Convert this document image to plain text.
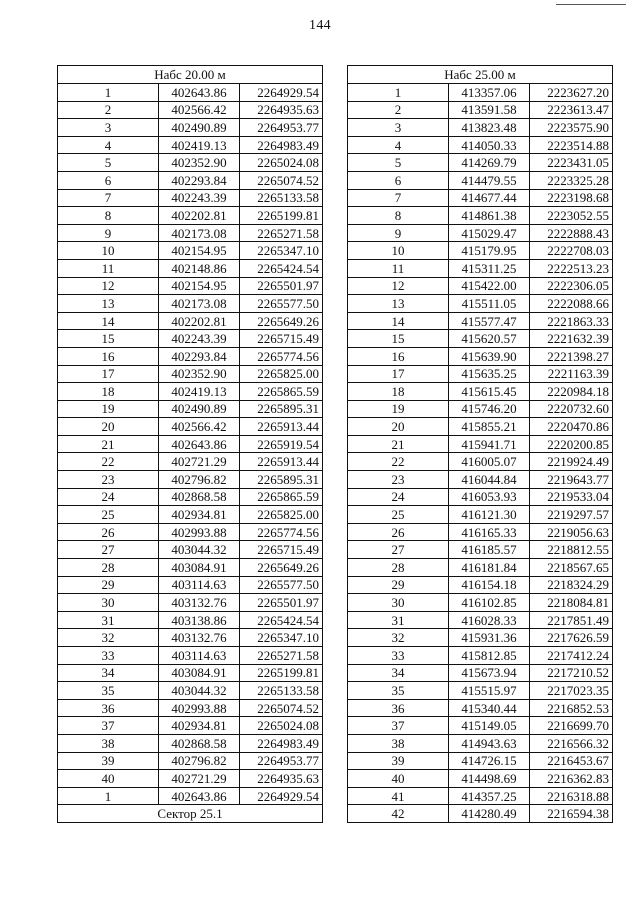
144
Набс 20.00 м		
1	402643.86	2264929.54
2	402566.42	2264935.63
3	402490.89	2264953.77
4	402419.13	2264983.49
5	402352.90	2265024.08
6	402293.84	2265074.52
7	402243.39	2265133.58
8	402202.81	2265199.81
9	402173.08	2265271.58
10	402154.95	2265347.10
11	402148.86	2265424.54
12	402154.95	2265501.97
13	402173.08	2265577.50
14	402202.81	2265649.26
15	402243.39	2265715.49
16	402293.84	2265774.56
17	402352.90	2265825.00
18	402419.13	2265865.59
19	402490.89	2265895.31
20	402566.42	2265913.44
21	402643.86	2265919.54
22	402721.29	2265913.44
23	402796.82	2265895.31
24	402868.58	2265865.59
25	402934.81	2265825.00
26	402993.88	2265774.56
27	403044.32	2265715.49
28	403084.91	2265649.26
29	403114.63	2265577.50
30	403132.76	2265501.97
31	403138.86	2265424.54
32	403132.76	2265347.10
33	403114.63	2265271.58
34	403084.91	2265199.81
35	403044.32	2265133.58
36	402993.88	2265074.52
37	402934.81	2265024.08
38	402868.58	2264983.49
39	402796.82	2264953.77
40	402721.29	2264935.63
1	402643.86	2264929.54
Сектор 25.1		
Набс 25.00 м		
1	413357.06	2223627.20
2	413591.58	2223613.47
3	413823.48	2223575.90
4	414050.33	2223514.88
5	414269.79	2223431.05
6	414479.55	2223325.28
7	414677.44	2223198.68
8	414861.38	2223052.55
9	415029.47	2222888.43
10	415179.95	2222708.03
11	415311.25	2222513.23
12	415422.00	2222306.05
13	415511.05	2222088.66
14	415577.47	2221863.33
15	415620.57	2221632.39
16	415639.90	2221398.27
17	415635.25	2221163.39
18	415615.45	2220984.18
19	415746.20	2220732.60
20	415855.21	2220470.86
21	415941.71	2220200.85
22	416005.07	2219924.49
23	416044.84	2219643.77
24	416053.93	2219533.04
25	416121.30	2219297.57
26	416165.33	2219056.63
27	416185.57	2218812.55
28	416181.84	2218567.65
29	416154.18	2218324.29
30	416102.85	2218084.81
31	416028.33	2217851.49
32	415931.36	2217626.59
33	415812.85	2217412.24
34	415673.94	2217210.52
35	415515.97	2217023.35
36	415340.44	2216852.53
37	415149.05	2216699.70
38	414943.63	2216566.32
39	414726.15	2216453.67
40	414498.69	2216362.83
41	414357.25	2216318.88
42	414280.49	2216594.38
